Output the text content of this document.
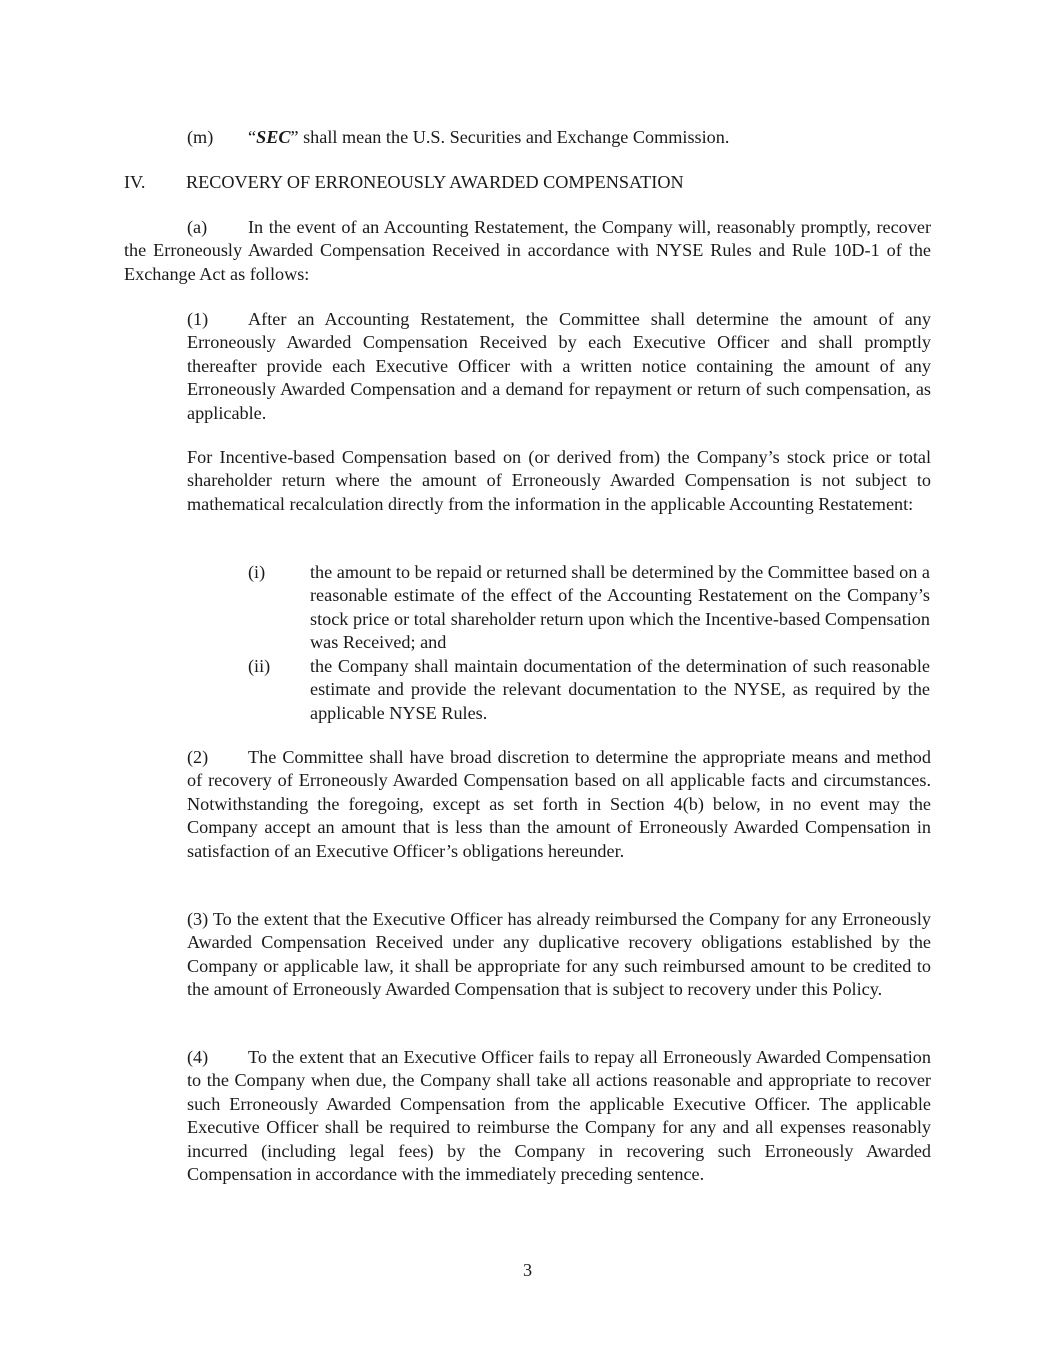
(m) “SEC” shall mean the U.S. Securities and Exchange Commission.

IV. RECOVERY OF ERRONEOUSLY AWARDED COMPENSATION

(a) In the event of an Accounting Restatement, the Company will, reasonably promptly, recover the Erroneously Awarded Compensation Received in accordance with NYSE Rules and Rule 10D-1 of the Exchange Act as follows:

(1) After an Accounting Restatement, the Committee shall determine the amount of any Erroneously Awarded Compensation Received by each Executive Officer and shall promptly thereafter provide each Executive Officer with a written notice containing the amount of any Erroneously Awarded Compensation and a demand for repayment or return of such compensation, as applicable.

For Incentive-based Compensation based on (or derived from) the Company’s stock price or total shareholder return where the amount of Erroneously Awarded Compensation is not subject to mathematical recalculation directly from the information in the applicable Accounting Restatement:

(i) the amount to be repaid or returned shall be determined by the Committee based on a reasonable estimate of the effect of the Accounting Restatement on the Company’s stock price or total shareholder return upon which the Incentive-based Compensation was Received; and
(ii) the Company shall maintain documentation of the determination of such reasonable estimate and provide the relevant documentation to the NYSE, as required by the applicable NYSE Rules.

(2) The Committee shall have broad discretion to determine the appropriate means and method of recovery of Erroneously Awarded Compensation based on all applicable facts and circumstances. Notwithstanding the foregoing, except as set forth in Section 4(b) below, in no event may the Company accept an amount that is less than the amount of Erroneously Awarded Compensation in satisfaction of an Executive Officer’s obligations hereunder.

(3) To the extent that the Executive Officer has already reimbursed the Company for any Erroneously Awarded Compensation Received under any duplicative recovery obligations established by the Company or applicable law, it shall be appropriate for any such reimbursed amount to be credited to the amount of Erroneously Awarded Compensation that is subject to recovery under this Policy.

(4) To the extent that an Executive Officer fails to repay all Erroneously Awarded Compensation to the Company when due, the Company shall take all actions reasonable and appropriate to recover such Erroneously Awarded Compensation from the applicable Executive Officer. The applicable Executive Officer shall be required to reimburse the Company for any and all expenses reasonably incurred (including legal fees) by the Company in recovering such Erroneously Awarded Compensation in accordance with the immediately preceding sentence.

3
